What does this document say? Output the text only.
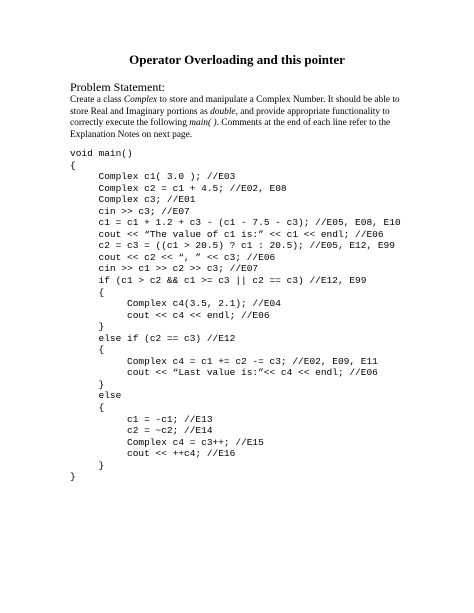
Operator Overloading and this pointer
Problem Statement:
Create a class Complex to store and manipulate a Complex Number. It should be able to
store Real and Imaginary portions as double, and provide appropriate functionality to
correctly execute the following main( ). Comments at the end of each line refer to the
Explanation Notes on next page.
void main()
{
Complex c1( 3.0 ); //E03
Complex c2 = c1 + 4.5; //E02, E08
Complex c3; //E01
cin >> c3; //E07
c1 = c1 + 1.2 + c3 - (c1 - 7.5 - c3); //E05, E08, E10
cout << “The value of c1 is:” << c1 << endl; //E06
c2 = c3 = ((c1 > 20.5) ? c1 : 20.5); //E05, E12, E99
cout << c2 << “, ” << c3; //E06
cin >> c1 >> c2 >> c3; //E07
if (c1 > c2 && c1 >= c3 || c2 == c3) //E12, E99
{
Complex c4(3.5, 2.1); //E04
cout << c4 << endl; //E06
}
else if (c2 == c3) //E12
{
Complex c4 = c1 += c2 -= c3; //E02, E09, E11
cout << “Last value is:”<< c4 << endl; //E06
}
else
{
c1 = -c1; //E13
c2 = ~c2; //E14
Complex c4 = c3++; //E15
cout << ++c4; //E16
}
}
